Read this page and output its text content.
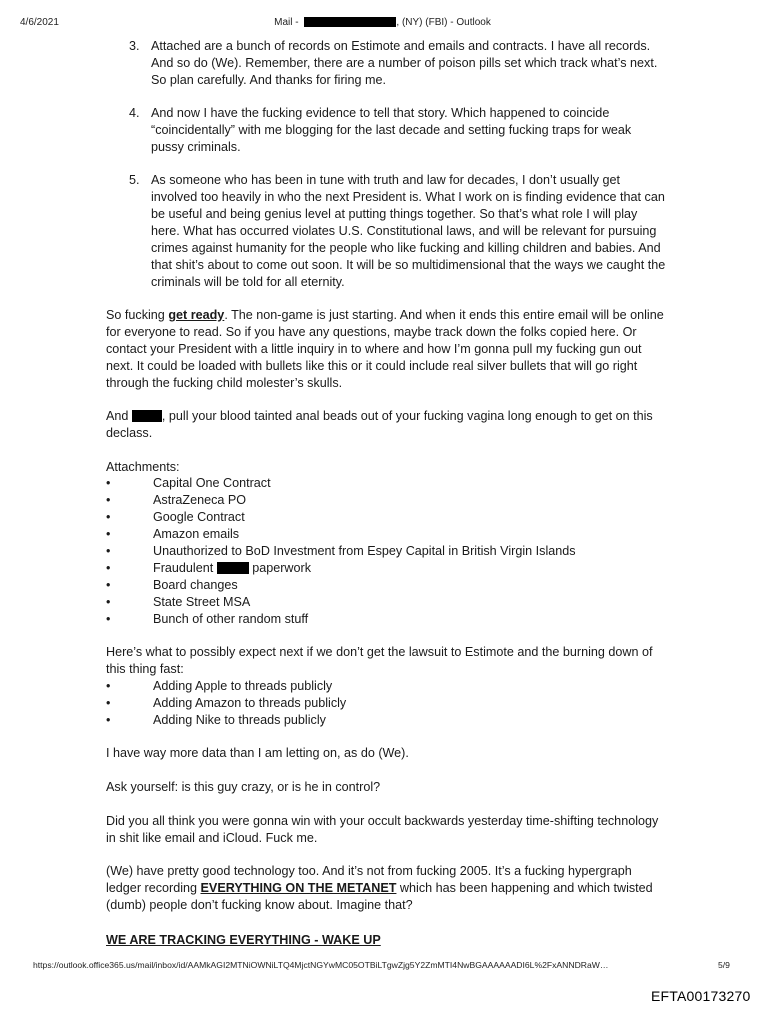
4/6/2021	Mail -	, (NY) (FBI) - Outlook
3. Attached are a bunch of records on Estimote and emails and contracts. I have all records. And so do (We). Remember, there are a number of poison pills set which track what’s next. So plan carefully. And thanks for firing me.
4. And now I have the fucking evidence to tell that story. Which happened to coincide “coincidentally” with me blogging for the last decade and setting fucking traps for weak pussy criminals.
5. As someone who has been in tune with truth and law for decades, I don’t usually get involved too heavily in who the next President is. What I work on is finding evidence that can be useful and being genius level at putting things together. So that’s what role I will play here. What has occurred violates U.S. Constitutional laws, and will be relevant for pursuing crimes against humanity for the people who like fucking and killing children and babies. And that shit’s about to come out soon. It will be so multidimensional that the ways we caught the criminals will be told for all eternity.
So fucking get ready. The non-game is just starting. And when it ends this entire email will be online for everyone to read. So if you have any questions, maybe track down the folks copied here. Or contact your President with a little inquiry in to where and how I’m gonna pull my fucking gun out next. It could be loaded with bullets like this or it could include real silver bullets that will go right through the fucking child molester’s skulls.
And , pull your blood tainted anal beads out of your fucking vagina long enough to get on this declass.
Attachments:
•	Capital One Contract
•	AstraZeneca PO
•	Google Contract
•	Amazon emails
•	Unauthorized to BoD Investment from Espey Capital in British Virgin Islands
•	Fraudulent	paperwork
•	Board changes
•	State Street MSA
•	Bunch of other random stuff
Here’s what to possibly expect next if we don’t get the lawsuit to Estimote and the burning down of this thing fast:
•	Adding Apple to threads publicly
•	Adding Amazon to threads publicly
•	Adding Nike to threads publicly
I have way more data than I am letting on, as do (We).
Ask yourself: is this guy crazy, or is he in control?
Did you all think you were gonna win with your occult backwards yesterday time-shifting technology in shit like email and iCloud. Fuck me.
(We) have pretty good technology too. And it’s not from fucking 2005. It’s a fucking hypergraph ledger recording EVERYTHING ON THE METANET which has been happening and which twisted (dumb) people don’t fucking know about. Imagine that?
WE ARE TRACKING EVERYTHING - WAKE UP
https://outlook.office365.us/mail/inbox/id/AAMkAGI2MTNiOWNiLTQ4MjctNGYwMC05OTBiLTgwZjg5Y2ZmMTI4NwBGAAAAAADI6L%2FxANNDRaW…	5/9
EFTA00173270
